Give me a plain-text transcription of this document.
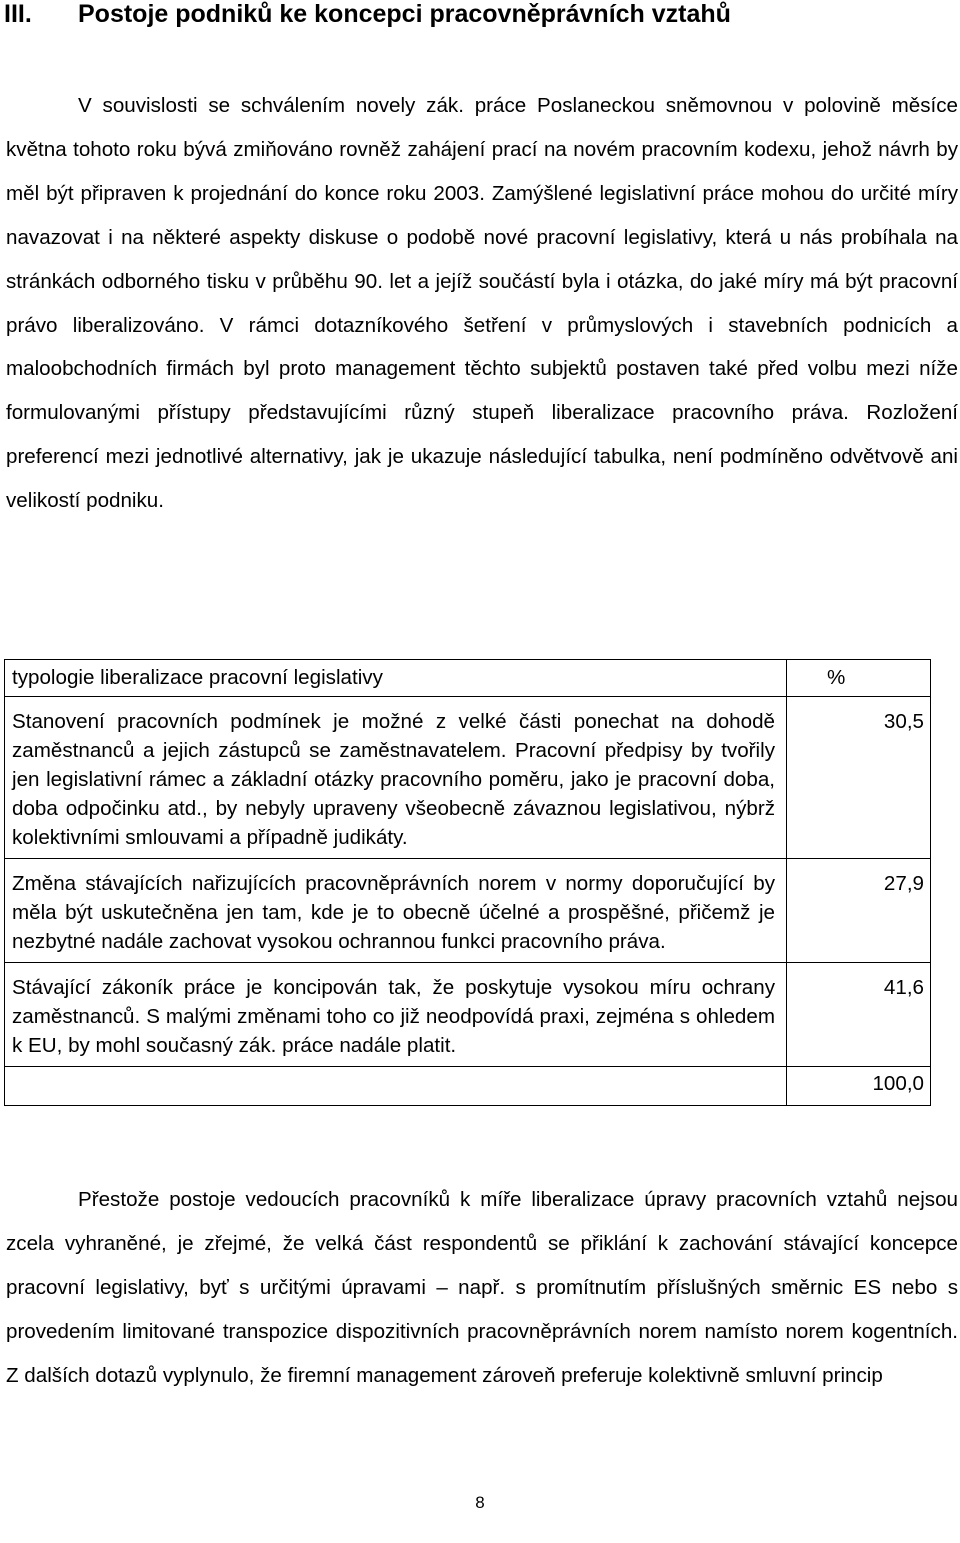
III. Postoje podniků ke koncepci pracovněprávních vztahů
V souvislosti se schválením novely zák. práce Poslaneckou sněmovnou v polovině měsíce května tohoto roku bývá zmiňováno rovněž zahájení prací na novém pracovním kodexu, jehož návrh by měl být připraven k projednání do konce roku 2003. Zamýšlené legislativní práce mohou do určité míry navazovat i na některé aspekty diskuse o podobě nové pracovní legislativy, která u nás probíhala na stránkách odborného tisku v průběhu 90. let a jejíž součástí byla i otázka, do jaké míry má být pracovní právo liberalizováno. V rámci dotazníkového šetření v průmyslových i stavebních podnicích a maloobchodních firmách byl proto management těchto subjektů postaven také před volbu mezi níže formulovanými přístupy představujícími různý stupeň liberalizace pracovního práva. Rozložení preferencí mezi jednotlivé alternativy, jak je ukazuje následující tabulka, není podmíněno odvětvově ani velikostí podniku.
typologie liberalizace pracovní legislativy	%
Stanovení pracovních podmínek je možné z velké části ponechat na dohodě zaměstnanců a jejich zástupců se zaměstnavatelem. Pracovní předpisy by tvořily jen legislativní rámec a základní otázky pracovního poměru, jako je pracovní doba, doba odpočinku atd., by nebyly upraveny všeobecně závaznou legislativou, nýbrž kolektivními smlouvami a případně judikáty.	30,5
Změna stávajících nařizujících pracovněprávních norem v normy doporučující by měla být uskutečněna jen tam, kde je to obecně účelné a prospěšné, přičemž je nezbytné nadále zachovat vysokou ochrannou funkci pracovního práva.	27,9
Stávající zákoník práce je koncipován tak, že poskytuje vysokou míru ochrany zaměstnanců. S malými změnami toho co již neodpovídá praxi, zejména s ohledem k EU, by mohl současný zák. práce nadále platit.	41,6
	100,0
Přestože postoje vedoucích pracovníků k míře liberalizace úpravy pracovních vztahů nejsou zcela vyhraněné, je zřejmé, že velká část respondentů se přiklání k zachování stávající koncepce pracovní legislativy, byť s určitými úpravami – např. s promítnutím příslušných směrnic ES nebo s provedením limitované transpozice dispozitivních pracovněprávních norem namísto norem kogentních. Z dalších dotazů vyplynulo, že firemní management zároveň preferuje kolektivně smluvní princip
8
